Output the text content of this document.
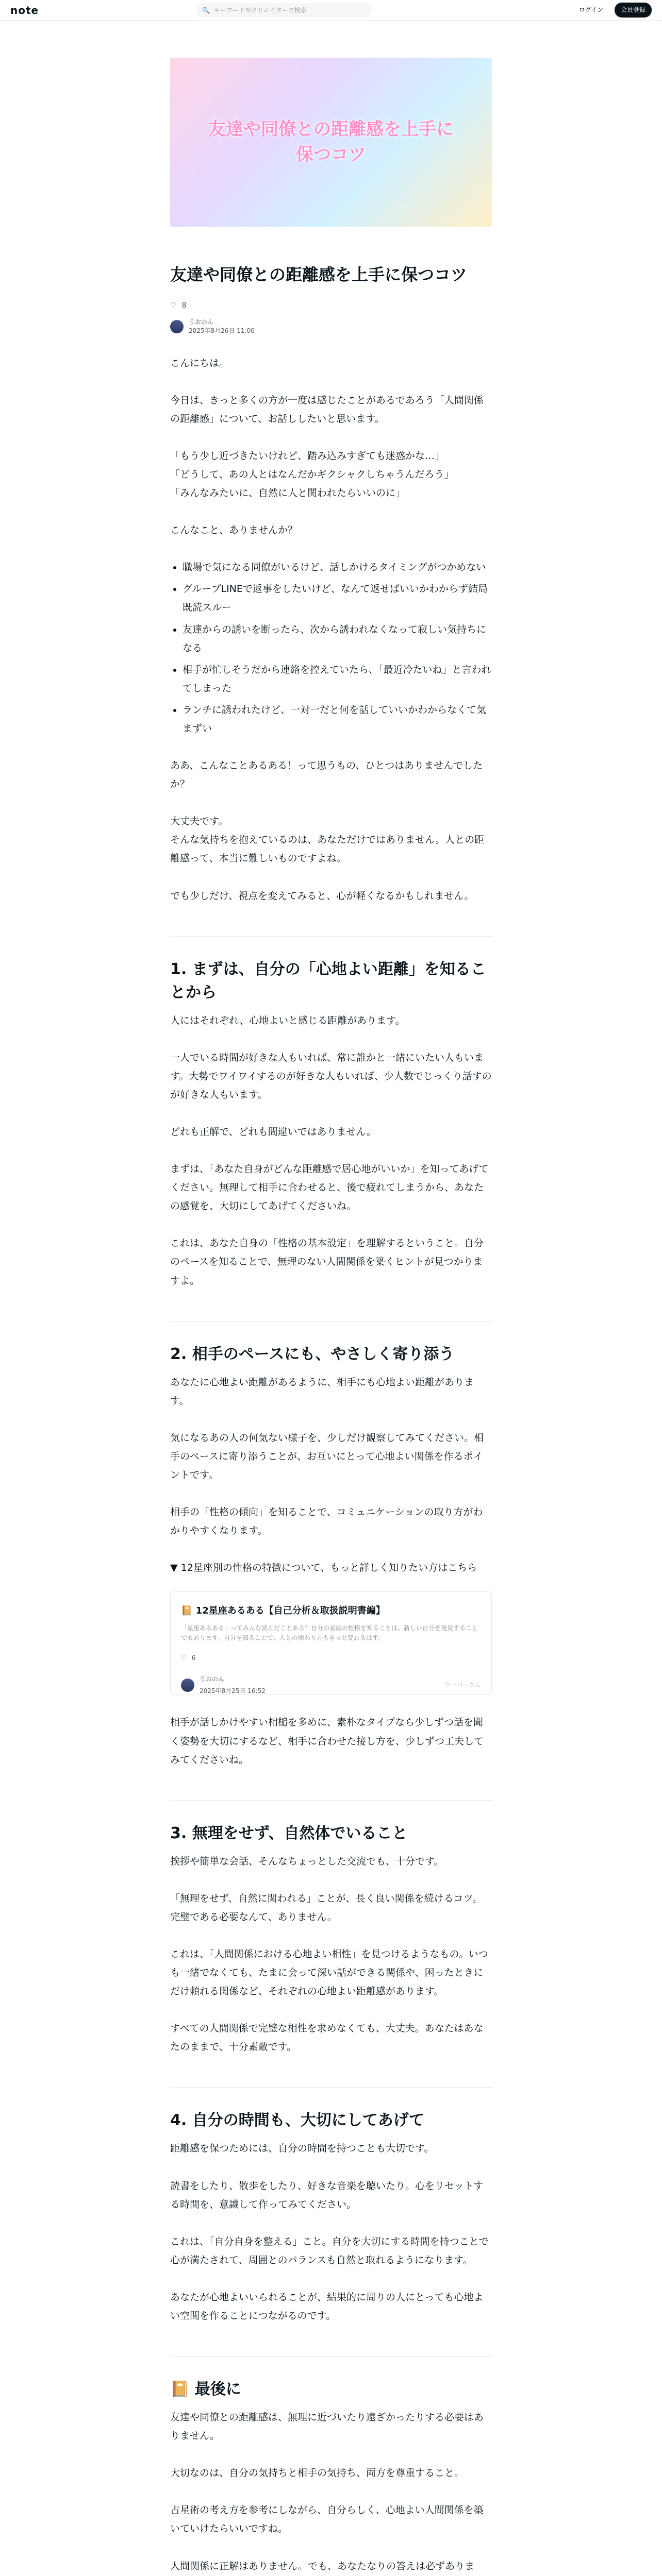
note	🔍 キーワードやクリエイターで検索	ログイン	会員登録
友達や同僚との距離感を上手に保つコツ
友達や同僚との距離感を上手に保つコツ
♡ 8
うおのん
2025年8月26日 11:00

こんにちは。

今日は、きっと多くの方が一度は感じたことがあるであろう「人間関係の距離感」について、お話ししたいと思います。

「もう少し近づきたいけれど、踏み込みすぎても迷惑かな…」

「どうして、あの人とはなんだかギクシャクしちゃうんだろう」

「みんなみたいに、自然に人と関われたらいいのに」

こんなこと、ありませんか？

• 職場で気になる同僚がいるけど、話しかけるタイミングがつかめない
• グループLINEで返事をしたいけど、なんて返せばいいかわからず結局既読スルー
• 友達からの誘いを断ったら、次から誘われなくなって寂しい気持ちになる
• 相手が忙しそうだから連絡を控えていたら、「最近冷たいね」と言われてしまった
• ランチに誘われたけど、一対一だと何を話していいかわからなくて気まずい

ああ、こんなことあるある！って思うもの、ひとつはありませんでしたか？

大丈夫です。

そんな気持ちを抱えているのは、あなただけではありません。人との距離感って、本当に難しいものですよね。

でも少しだけ、視点を変えてみると、心が軽くなるかもしれません。

1. まずは、自分の「心地よい距離」を知ることから

人にはそれぞれ、心地よいと感じる距離があります。

一人でいる時間が好きな人もいれば、常に誰かと一緒にいたい人もいます。大勢でワイワイするのが好きな人もいれば、少人数でじっくり話すのが好きな人もいます。

どれも正解で、どれも間違いではありません。

まずは、「あなた自身がどんな距離感で居心地がいいか」を知ってあげてください。無理して相手に合わせると、後で疲れてしまうから、あなたの感覚を、大切にしてあげてくださいね。

これは、あなた自身の「性格の基本設定」を理解するということ。自分のペースを知ることで、無理のない人間関係を築くヒントが見つかりますよ。

2. 相手のペースにも、やさしく寄り添う

あなたに心地よい距離があるように、相手にも心地よい距離があります。

気になるあの人の何気ない様子を、少しだけ観察してみてください。相手のペースに寄り添うことが、お互いにとって心地よい関係を作るポイントです。

相手の「性格の傾向」を知ることで、コミュニケーションの取り方がわかりやすくなります。

▼ 12星座別の性格の特徴について、もっと詳しく知りたい方はこちら

📔 12星座あるある【自己分析＆取扱説明書編】
「星座あるある」ってみんな読んだことある？自分の星座の性格を知ることは、新しい自分を発見することでもあります。自分を知ることで、人との関わり方もきっと変わるはず。
♡ 6
うおのん
2025年8月25日 16:52
ウーパーさん

相手が話しかけやすい相槌を多めに、素朴なタイプなら少しずつ話を聞く姿勢を大切にするなど、相手に合わせた接し方を、少しずつ工夫してみてくださいね。

3. 無理をせず、自然体でいること

挨拶や簡単な会話、そんなちょっとした交流でも、十分です。

「無理をせず、自然に関われる」ことが、長く良い関係を続けるコツ。完璧である必要なんて、ありません。

これは、「人間関係における心地よい相性」を見つけるようなもの。いつも一緒でなくても、たまに会って深い話ができる関係や、困ったときにだけ頼れる関係など、それぞれの心地よい距離感があります。

すべての人間関係で完璧な相性を求めなくても、大丈夫。あなたはあなたのままで、十分素敵です。

4. 自分の時間も、大切にしてあげて

距離感を保つためには、自分の時間を持つことも大切です。

読書をしたり、散歩をしたり、好きな音楽を聴いたり。心をリセットする時間を、意識して作ってみてください。

これは、「自分自身を整える」こと。自分を大切にする時間を持つことで心が満たされて、周囲とのバランスも自然と取れるようになります。

あなたが心地よいいられることが、結果的に周りの人にとっても心地よい空間を作ることにつながるのです。

📔 最後に

友達や同僚との距離感は、無理に近づいたり遠ざかったりする必要はありません。

大切なのは、自分の気持ちと相手の気持ち、両方を尊重すること。

占星術の考え方を参考にしながら、自分らしく、心地よい人間関係を築いていけたらいいですね。

人間関係に正解はありません。でも、あなたなりの答えは必ずありま
